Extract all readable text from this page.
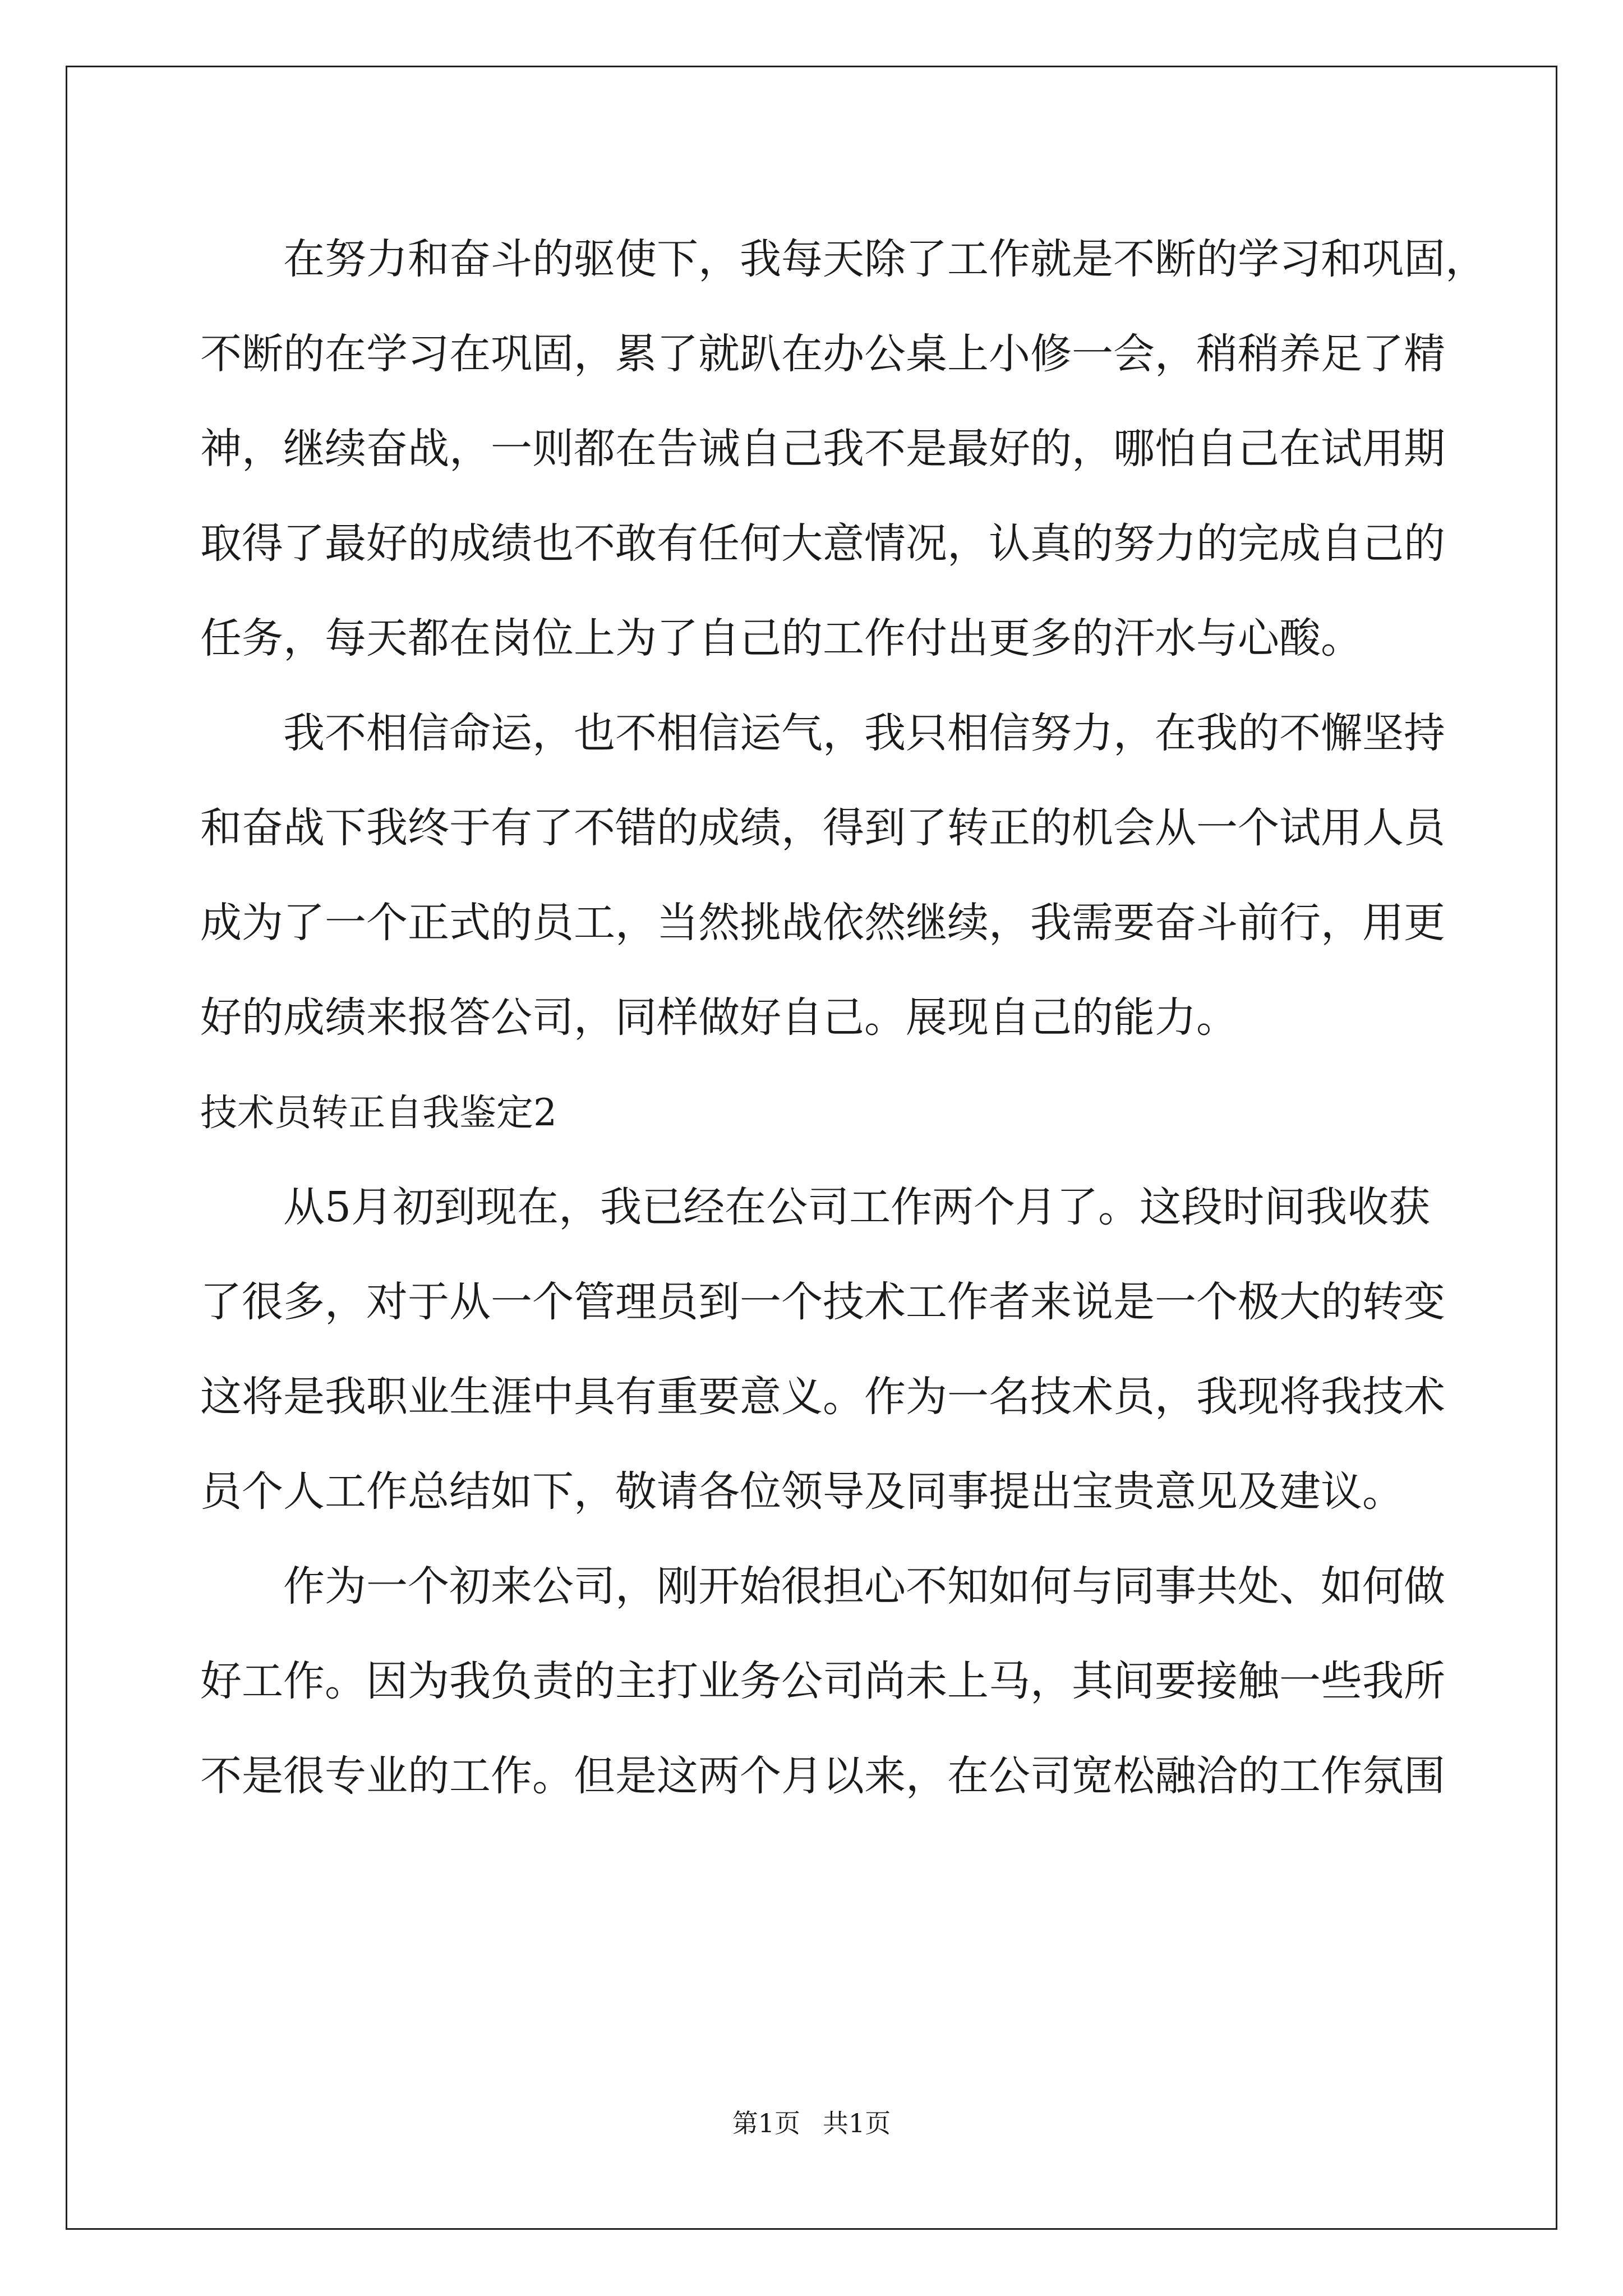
在努力和奋斗的驱使下，我每天除了工作就是不断的学习和巩固，
不断的在学习在巩固，累了就趴在办公桌上小修一会，稍稍养足了精
神，继续奋战，一则都在告诫自己我不是最好的，哪怕自己在试用期
取得了最好的成绩也不敢有任何大意情况，认真的努力的完成自己的
任务，每天都在岗位上为了自己的工作付出更多的汗水与心酸。
我不相信命运，也不相信运气，我只相信努力，在我的不懈坚持
和奋战下我终于有了不错的成绩，得到了转正的机会从一个试用人员
成为了一个正式的员工，当然挑战依然继续，我需要奋斗前行，用更
好的成绩来报答公司，同样做好自己。展现自己的能力。
技术员转正自我鉴定2
从5月初到现在，我已经在公司工作两个月了。这段时间我收获
了很多，对于从一个管理员到一个技术工作者来说是一个极大的转变
这将是我职业生涯中具有重要意义。作为一名技术员，我现将我技术
员个人工作总结如下，敬请各位领导及同事提出宝贵意见及建议。
作为一个初来公司，刚开始很担心不知如何与同事共处、如何做
好工作。因为我负责的主打业务公司尚未上马，其间要接触一些我所
不是很专业的工作。但是这两个月以来，在公司宽松融洽的工作氛围
第1页 共1页
